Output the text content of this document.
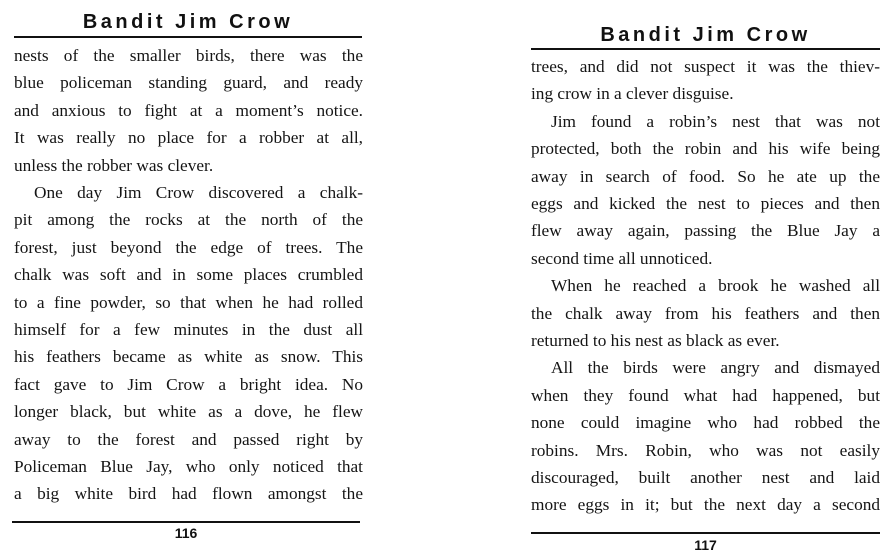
Bandit Jim Crow
nests of the smaller birds, there was the
blue policeman standing guard, and ready
and anxious to fight at a moment’s notice.
It was really no place for a robber at all,
unless the robber was clever.
One day Jim Crow discovered a chalk-
pit among the rocks at the north of the
forest, just beyond the edge of trees. The
chalk was soft and in some places crumbled
to a fine powder, so that when he had rolled
himself for a few minutes in the dust all
his feathers became as white as snow. This
fact gave to Jim Crow a bright idea. No
longer black, but white as a dove, he flew
away to the forest and passed right by
Policeman Blue Jay, who only noticed that
a big white bird had flown amongst the
116
Bandit Jim Crow
trees, and did not suspect it was the thiev-
ing crow in a clever disguise.
Jim found a robin’s nest that was not
protected, both the robin and his wife being
away in search of food. So he ate up the
eggs and kicked the nest to pieces and then
flew away again, passing the Blue Jay a
second time all unnoticed.
When he reached a brook he washed all
the chalk away from his feathers and then
returned to his nest as black as ever.
All the birds were angry and dismayed
when they found what had happened, but
none could imagine who had robbed the
robins. Mrs. Robin, who was not easily
discouraged, built another nest and laid
more eggs in it; but the next day a second
117
